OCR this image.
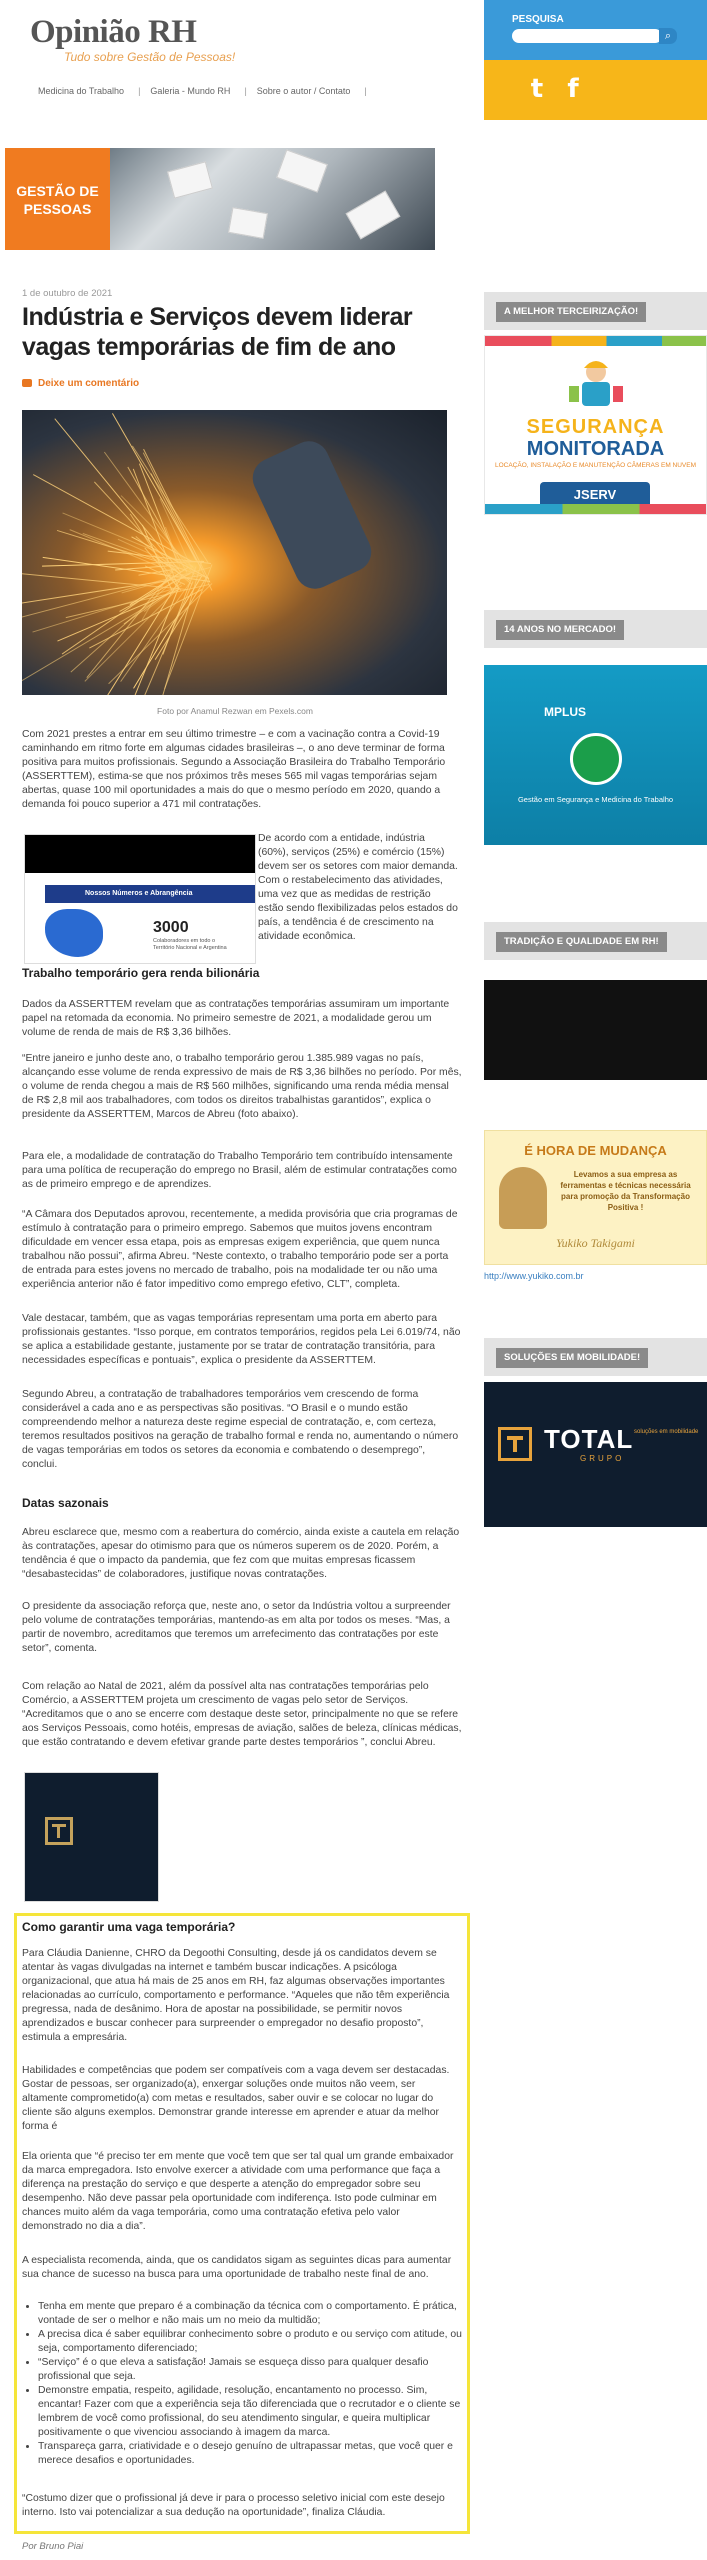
Opinião RH
Tudo sobre Gestão de Pessoas!
Medicina do Trabalho | Galeria - Mundo RH | Sobre o autor / Contato |
GESTÃO DE
PESSOAS
PESQUISA
⌕
t f
A MELHOR TERCEIRIZAÇÃO!
SEGURANÇA
MONITORADA
LOCAÇÃO, INSTALAÇÃO E MANUTENÇÃO CÂMERAS EM NUVEM
JSERV
14 ANOS NO MERCADO!
MPLUS
Gestão em Segurança e Medicina do Trabalho
TRADIÇÃO E QUALIDADE EM RH!
É HORA DE MUDANÇA
Levamos a sua empresa as ferramentas e técnicas necessária para promoção da Transformação Positiva !
Yukiko Takigami
http://www.yukiko.com.br
SOLUÇÕES EM MOBILIDADE!
TOTAL
GRUPO
soluções em mobilidade
1 de outubro de 2021
Indústria e Serviços devem liderar vagas temporárias de fim de ano
Deixe um comentário
Foto por Anamul Rezwan em Pexels.com
Com 2021 prestes a entrar em seu último trimestre – e com a vacinação contra a Covid-19 caminhando em ritmo forte em algumas cidades brasileiras –, o ano deve terminar de forma positiva para muitos profissionais. Segundo a Associação Brasileira do Trabalho Temporário (ASSERTTEM), estima-se que nos próximos três meses 565 mil vagas temporárias sejam abertas, quase 100 mil oportunidades a mais do que o mesmo período em 2020, quando a demanda foi pouco superior a 471 mil contratações.
Nossos Números e Abrangência
3000
Colaboradores em todo o Território Nacional e Argentina
De acordo com a entidade, indústria (60%), serviços (25%) e comércio (15%) devem ser os setores com maior demanda. Com o restabelecimento das atividades, uma vez que as medidas de restrição estão sendo flexibilizadas pelos estados do país, a tendência é de crescimento na atividade econômica.
Trabalho temporário gera renda bilionária
Dados da ASSERTTEM revelam que as contratações temporárias assumiram um importante papel na retomada da economia. No primeiro semestre de 2021, a modalidade gerou um volume de renda de mais de R$ 3,36 bilhões.
“Entre janeiro e junho deste ano, o trabalho temporário gerou 1.385.989 vagas no país, alcançando esse volume de renda expressivo de mais de R$ 3,36 bilhões no período. Por mês, o volume de renda chegou a mais de R$ 560 milhões, significando uma renda média mensal de R$ 2,8 mil aos trabalhadores, com todos os direitos trabalhistas garantidos”, explica o presidente da ASSERTTEM, Marcos de Abreu (foto abaixo).
Para ele, a modalidade de contratação do Trabalho Temporário tem contribuído intensamente para uma política de recuperação do emprego no Brasil, além de estimular contratações como as de primeiro emprego e de aprendizes.
“A Câmara dos Deputados aprovou, recentemente, a medida provisória que cria programas de estímulo à contratação para o primeiro emprego. Sabemos que muitos jovens encontram dificuldade em vencer essa etapa, pois as empresas exigem experiência, que quem nunca trabalhou não possui”, afirma Abreu. “Neste contexto, o trabalho temporário pode ser a porta de entrada para estes jovens no mercado de trabalho, pois na modalidade ter ou não uma experiência anterior não é fator impeditivo como emprego efetivo, CLT”, completa.
Vale destacar, também, que as vagas temporárias representam uma porta em aberto para profissionais gestantes. “Isso porque, em contratos temporários, regidos pela Lei 6.019/74, não se aplica a estabilidade gestante, justamente por se tratar de contratação transitória, para necessidades específicas e pontuais”, explica o presidente da ASSERTTEM.
Segundo Abreu, a contratação de trabalhadores temporários vem crescendo de forma considerável a cada ano e as perspectivas são positivas. “O Brasil e o mundo estão compreendendo melhor a natureza deste regime especial de contratação, e, com certeza, teremos resultados positivos na geração de trabalho formal e renda no, aumentando o número de vagas temporárias em todos os setores da economia e combatendo o desemprego”, conclui.
Datas sazonais
Abreu esclarece que, mesmo com a reabertura do comércio, ainda existe a cautela em relação às contratações, apesar do otimismo para que os números superem os de 2020. Porém, a tendência é que o impacto da pandemia, que fez com que muitas empresas ficassem “desabastecidas” de colaboradores, justifique novas contratações.
O presidente da associação reforça que, neste ano, o setor da Indústria voltou a surpreender pelo volume de contratações temporárias, mantendo-as em alta por todos os meses. “Mas, a partir de novembro, acreditamos que teremos um arrefecimento das contratações por este setor”, comenta.
Com relação ao Natal de 2021, além da possível alta nas contratações temporárias pelo Comércio, a ASSERTTEM projeta um crescimento de vagas pelo setor de Serviços. “Acreditamos que o ano se encerre com destaque deste setor, principalmente no que se refere aos Serviços Pessoais, como hotéis, empresas de aviação, salões de beleza, clínicas médicas, que estão contratando e devem efetivar grande parte destes temporários ”, conclui Abreu.
Como garantir uma vaga temporária?
Para Cláudia Danienne, CHRO da Degoothi Consulting, desde já os candidatos devem se atentar às vagas divulgadas na internet e também buscar indicações. A psicóloga organizacional, que atua há mais de 25 anos em RH, faz algumas observações importantes relacionadas ao currículo, comportamento e performance. “Aqueles que não têm experiência pregressa, nada de desânimo. Hora de apostar na possibilidade, se permitir novos aprendizados e buscar conhecer para surpreender o empregador no desafio proposto”, estimula a empresária.
Habilidades e competências que podem ser compatíveis com a vaga devem ser destacadas. Gostar de pessoas, ser organizado(a), enxergar soluções onde muitos não veem, ser altamente comprometido(a) com metas e resultados, saber ouvir e se colocar no lugar do cliente são alguns exemplos. Demonstrar grande interesse em aprender e atuar da melhor forma é
Ela orienta que “é preciso ter em mente que você tem que ser tal qual um grande embaixador da marca empregadora. Isto envolve exercer a atividade com uma performance que faça a diferença na prestação do serviço e que desperte a atenção do empregador sobre seu desempenho. Não deve passar pela oportunidade com indiferença. Isto pode culminar em chances muito além da vaga temporária, como uma contratação efetiva pelo valor demonstrado no dia a dia”.
A especialista recomenda, ainda, que os candidatos sigam as seguintes dicas para aumentar sua chance de sucesso na busca para uma oportunidade de trabalho neste final de ano.
• Tenha em mente que preparo é a combinação da técnica com o comportamento. É prática, vontade de ser o melhor e não mais um no meio da multidão;
• A precisa dica é saber equilibrar conhecimento sobre o produto e ou serviço com atitude, ou seja, comportamento diferenciado;
• “Serviço” é o que eleva a satisfação! Jamais se esqueça disso para qualquer desafio profissional que seja.
• Demonstre empatia, respeito, agilidade, resolução, encantamento no processo. Sim, encantar! Fazer com que a experiência seja tão diferenciada que o recrutador e o cliente se lembrem de você como profissional, do seu atendimento singular, e queira multiplicar positivamente o que vivenciou associando à imagem da marca.
• Transpareça garra, criatividade e o desejo genuíno de ultrapassar metas, que você quer e merece desafios e oportunidades.
“Costumo dizer que o profissional já deve ir para o processo seletivo inicial com este desejo interno. Isto vai potencializar a sua dedução na oportunidade”, finaliza Cláudia.
Por Bruno Piai
